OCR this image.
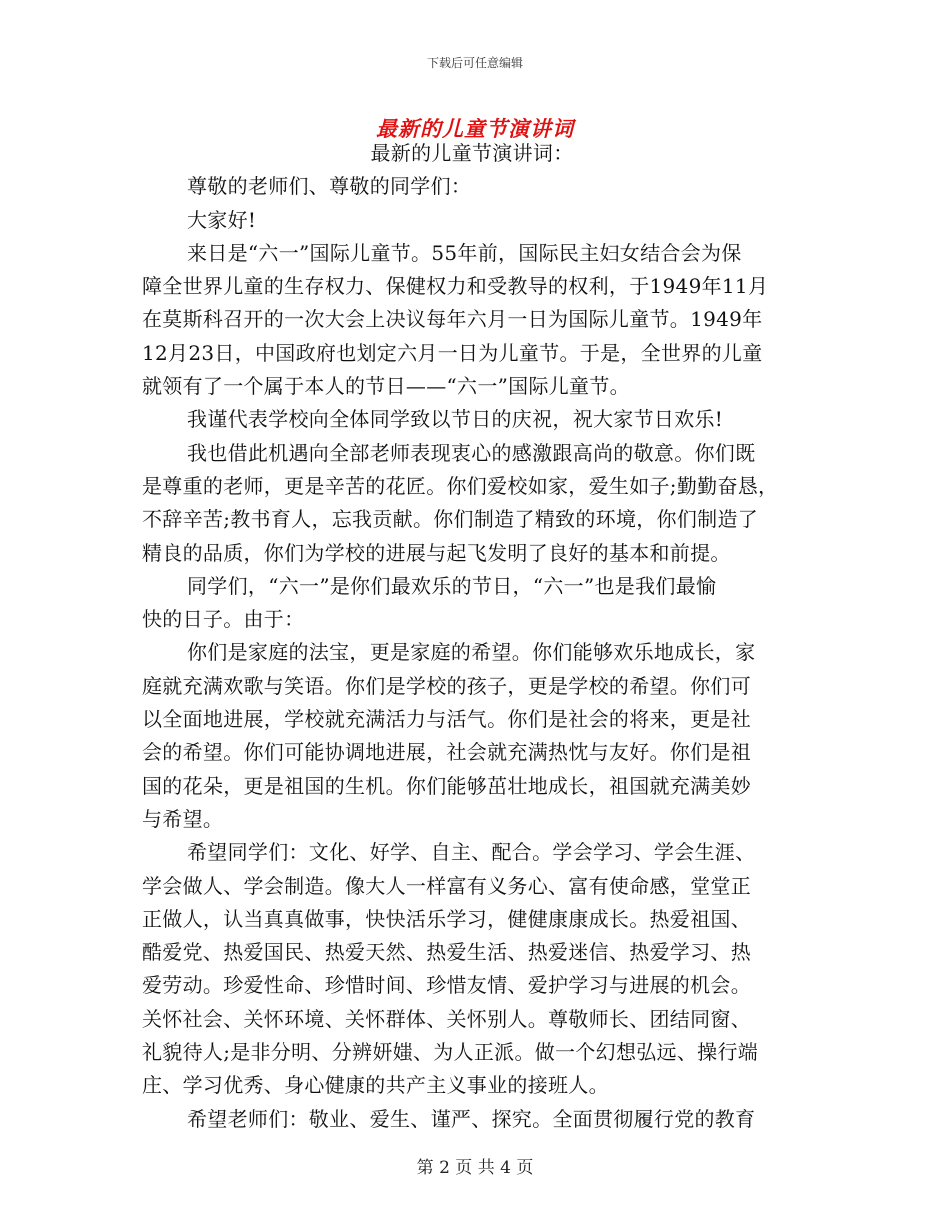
下载后可任意编辑
最新的儿童节演讲词
最新的儿童节演讲词：
尊敬的老师们、尊敬的同学们：
大家好!
来日是“六一”国际儿童节。55年前，国际民主妇女结合会为保
障全世界儿童的生存权力、保健权力和受教导的权利，于1949年11月
在莫斯科召开的一次大会上决议每年六月一日为国际儿童节。1949年
12月23日，中国政府也划定六月一日为儿童节。于是，全世界的儿童
就领有了一个属于本人的节日——“六一”国际儿童节。
我谨代表学校向全体同学致以节日的庆祝，祝大家节日欢乐!
我也借此机遇向全部老师表现衷心的感激跟高尚的敬意。你们既
是尊重的老师，更是辛苦的花匠。你们爱校如家，爱生如子;勤勤奋恳，
不辞辛苦;教书育人，忘我贡献。你们制造了精致的环境，你们制造了
精良的品质，你们为学校的进展与起飞发明了良好的基本和前提。
同学们，“六一”是你们最欢乐的节日，“六一”也是我们最愉
快的日子。由于：
你们是家庭的法宝，更是家庭的希望。你们能够欢乐地成长，家
庭就充满欢歌与笑语。你们是学校的孩子，更是学校的希望。你们可
以全面地进展，学校就充满活力与活气。你们是社会的将来，更是社
会的希望。你们可能协调地进展，社会就充满热忱与友好。你们是祖
国的花朵，更是祖国的生机。你们能够茁壮地成长，祖国就充满美妙
与希望。
希望同学们：文化、好学、自主、配合。学会学习、学会生涯、
学会做人、学会制造。像大人一样富有义务心、富有使命感，堂堂正
正做人，认当真真做事，快快活乐学习，健健康康成长。热爱祖国、
酷爱党、热爱国民、热爱天然、热爱生活、热爱迷信、热爱学习、热
爱劳动。珍爱性命、珍惜时间、珍惜友情、爱护学习与进展的机会。
关怀社会、关怀环境、关怀群体、关怀别人。尊敬师长、团结同窗、
礼貌待人;是非分明、分辨妍媸、为人正派。做一个幻想弘远、操行端
庄、学习优秀、身心健康的共产主义事业的接班人。
希望老师们：敬业、爱生、谨严、探究。全面贯彻履行党的教育
第 2 页 共 4 页
